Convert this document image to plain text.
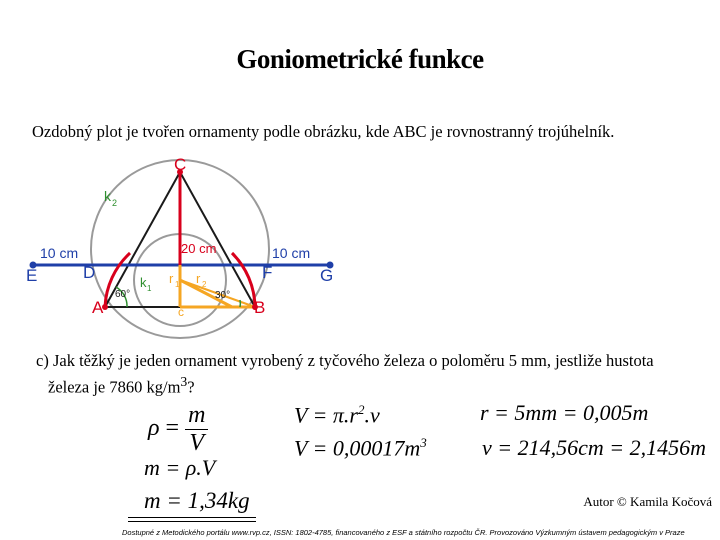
Goniometrické funkce
Ozdobný plot je tvořen ornamenty podle obrázku, kde ABC je rovnostranný trojúhelník.
C
k 2
10 cm	10 cm
20 cm
E	D	F	G
A	B
k 1
r 1 r 2
c
60°	30°
c) Jak těžký je jeden ornament vyrobený z tyčového železa o poloměru 5 mm, jestliže hustota
železa je 7860 $kg/m^3$?
$\rho = \frac{m}{V}$
m = ρ.V
m = 1,34kg
$V = \pi.r^2.v$
$V = 0,00017m^3$
r = 5mm = 0,005m
v = 214,56cm = 2,1456m
Autor © Kamila Kočová
Dostupné z Metodického portálu www.rvp.cz, ISSN: 1802-4785, financovaného z ESF a státního rozpočtu ČR. Provozováno Výzkumným ústavem pedagogickým v Praze
